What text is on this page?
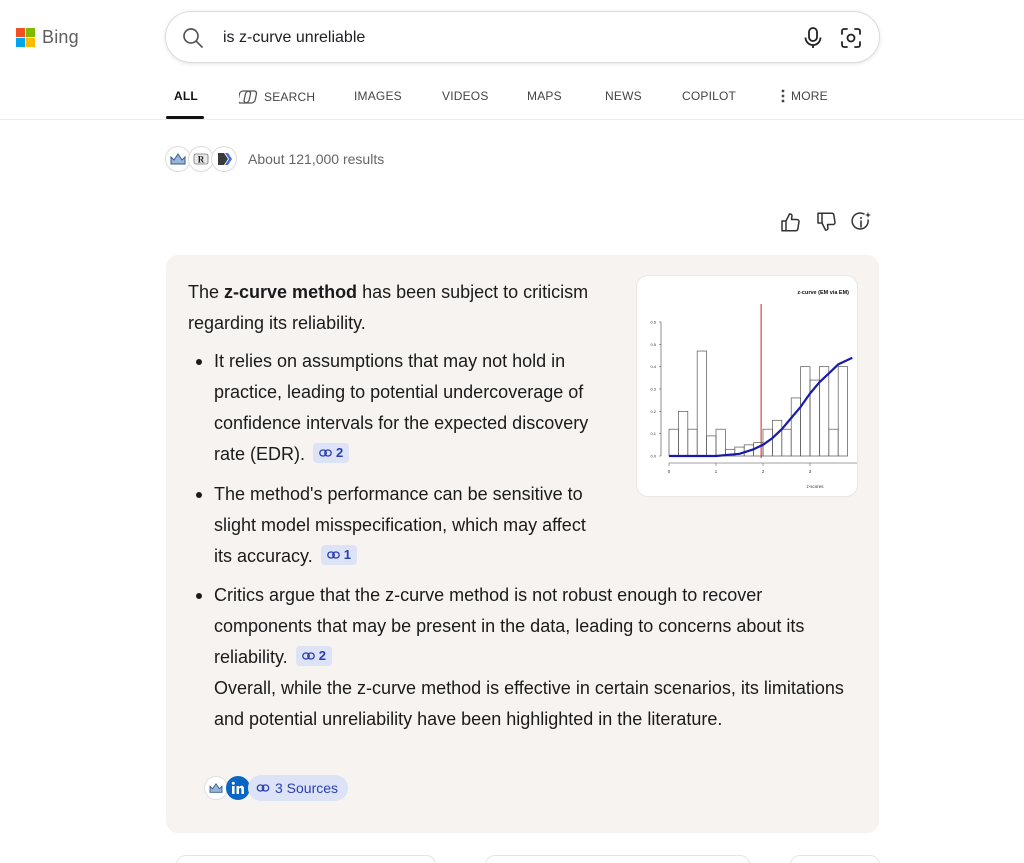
Bing
is z-curve unreliable
ALL	SEARCH	IMAGES	VIDEOS	MAPS	NEWS	COPILOT	MORE
R	About 121,000 results

The z-curve method has been subject to criticism regarding its reliability.

It relies on assumptions that may not hold in practice, leading to potential undercoverage of confidence intervals for the expected discovery rate (EDR). 2
The method's performance can be sensitive to slight model misspecification, which may affect its accuracy. 1
Critics argue that the z-curve method is not robust enough to recover components that may be present in the data, leading to concerns about its reliability. 2
Overall, while the z-curve method is effective in certain scenarios, its limitations and potential unreliability have been highlighted in the literature.
z-curve (EM via EM)
z-scores
0.0
0.1
0.2
0.3
0.4
0.5
0.6
0	1	2	3
3 Sources
